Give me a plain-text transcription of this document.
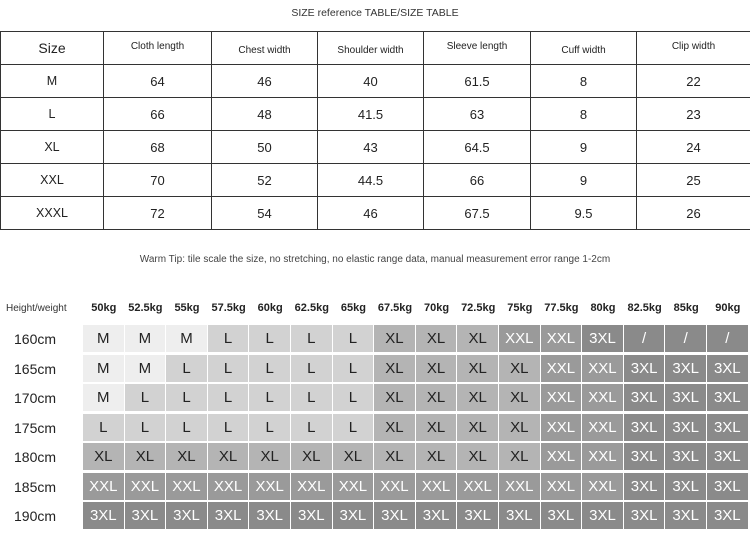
SIZE reference TABLE/SIZE TABLE
Size	Cloth length	Chest width	Shoulder width	Sleeve length	Cuff width	Clip width
M	64	46	40	61.5	8	22
L	66	48	41.5	63	8	23
XL	68	50	43	64.5	9	24
XXL	70	52	44.5	66	9	25
XXXL	72	54	46	67.5	9.5	26
Warm Tip: tile scale the size, no stretching, no elastic range data, manual measurement error range 1-2cm
Height/weight	50kg	52.5kg	55kg	57.5kg	60kg	62.5kg	65kg	67.5kg	70kg	72.5kg	75kg	77.5kg	80kg	82.5kg	85kg	90kg
160cm	M	M	M	L	L	L	L	XL	XL	XL	XXL XXL 3XL	/	/	/
165cm	M	M	L	L	L	L	L	XL	XL	XL	XL	XXL XXL 3XL 3XL 3XL
170cm	M	L	L	L	L	L	L	XL	XL	XL	XL	XXL XXL 3XL 3XL 3XL
175cm	L	L	L	L	L	L	L	XL	XL	XL	XL	XXL XXL 3XL 3XL 3XL
180cm	XL	XL	XL	XL	XL	XL	XL	XL	XL	XL	XL	XXL XXL 3XL 3XL 3XL
185cm	XXL XXL XXL XXL XXL XXL XXL XXL XXL XXL XXL XXL XXL 3XL 3XL 3XL
190cm	3XL 3XL 3XL 3XL 3XL 3XL 3XL 3XL 3XL 3XL 3XL 3XL 3XL 3XL 3XL 3XL
